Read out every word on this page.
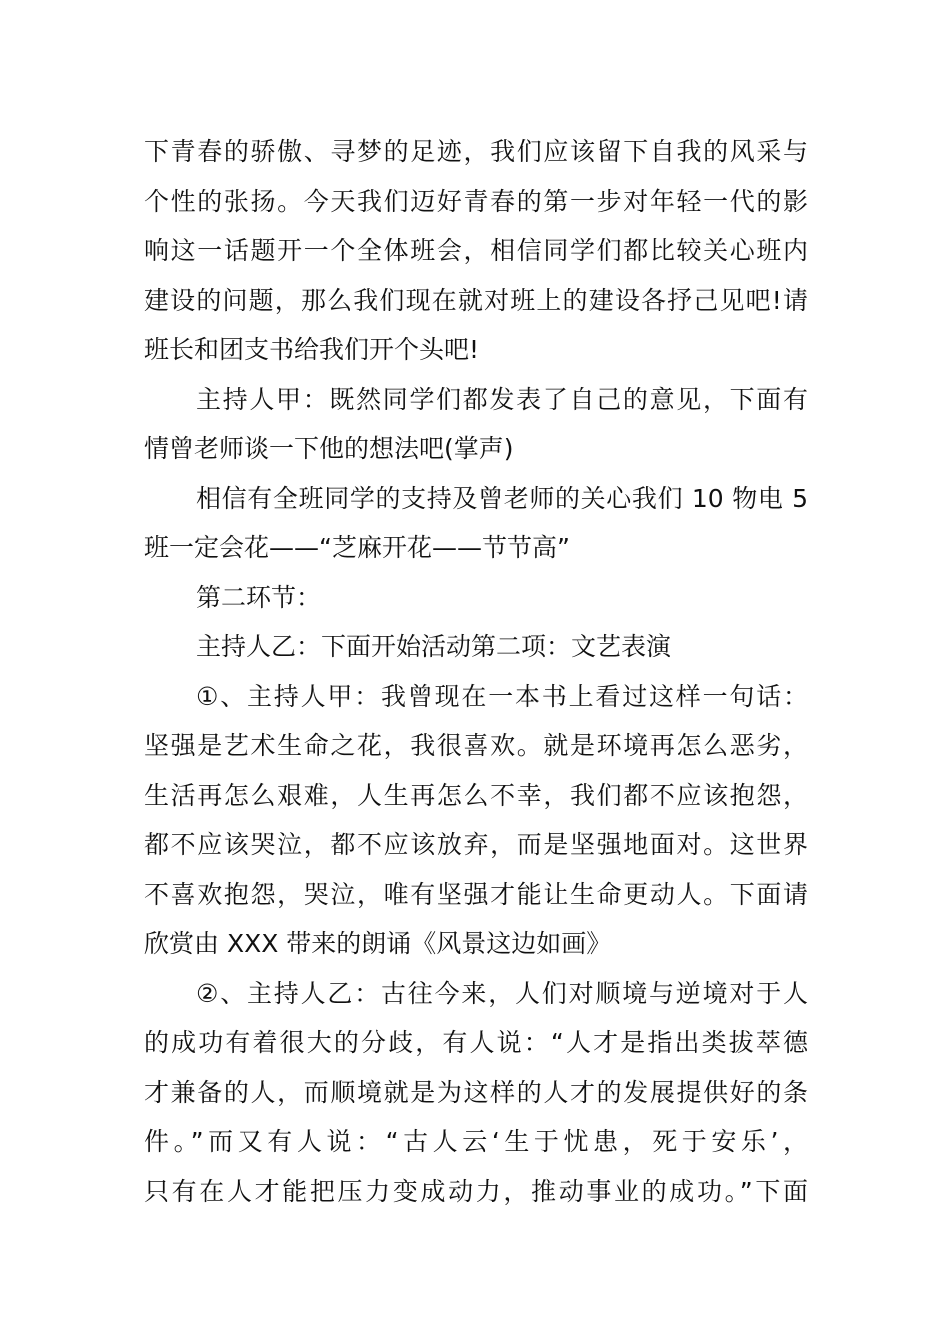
下青春的骄傲、寻梦的足迹，我们应该留下自我的风采与
个性的张扬。今天我们迈好青春的第一步对年轻一代的影
响这一话题开一个全体班会，相信同学们都比较关心班内
建设的问题，那么我们现在就对班上的建设各抒己见吧!请
班长和团支书给我们开个头吧!
主持人甲：既然同学们都发表了自己的意见，下面有
情曾老师谈一下他的想法吧(掌声)
相信有全班同学的支持及曾老师的关心我们 10 物电 5
班一定会花——“芝麻开花——节节高”
第二环节：
主持人乙：下面开始活动第二项：文艺表演
①、主持人甲：我曾现在一本书上看过这样一句话：
坚强是艺术生命之花，我很喜欢。就是环境再怎么恶劣，
生活再怎么艰难，人生再怎么不幸，我们都不应该抱怨，
都不应该哭泣，都不应该放弃，而是坚强地面对。这世界
不喜欢抱怨，哭泣，唯有坚强才能让生命更动人。下面请
欣赏由 XXX 带来的朗诵《风景这边如画》
②、主持人乙：古往今来，人们对顺境与逆境对于人
的成功有着很大的分歧，有人说：“人才是指出类拔萃德
才兼备的人，而顺境就是为这样的人才的发展提供好的条
件。”而又有人说：“古人云‘生于忧患，死于安乐’，
只有在人才能把压力变成动力，推动事业的成功。”下面
